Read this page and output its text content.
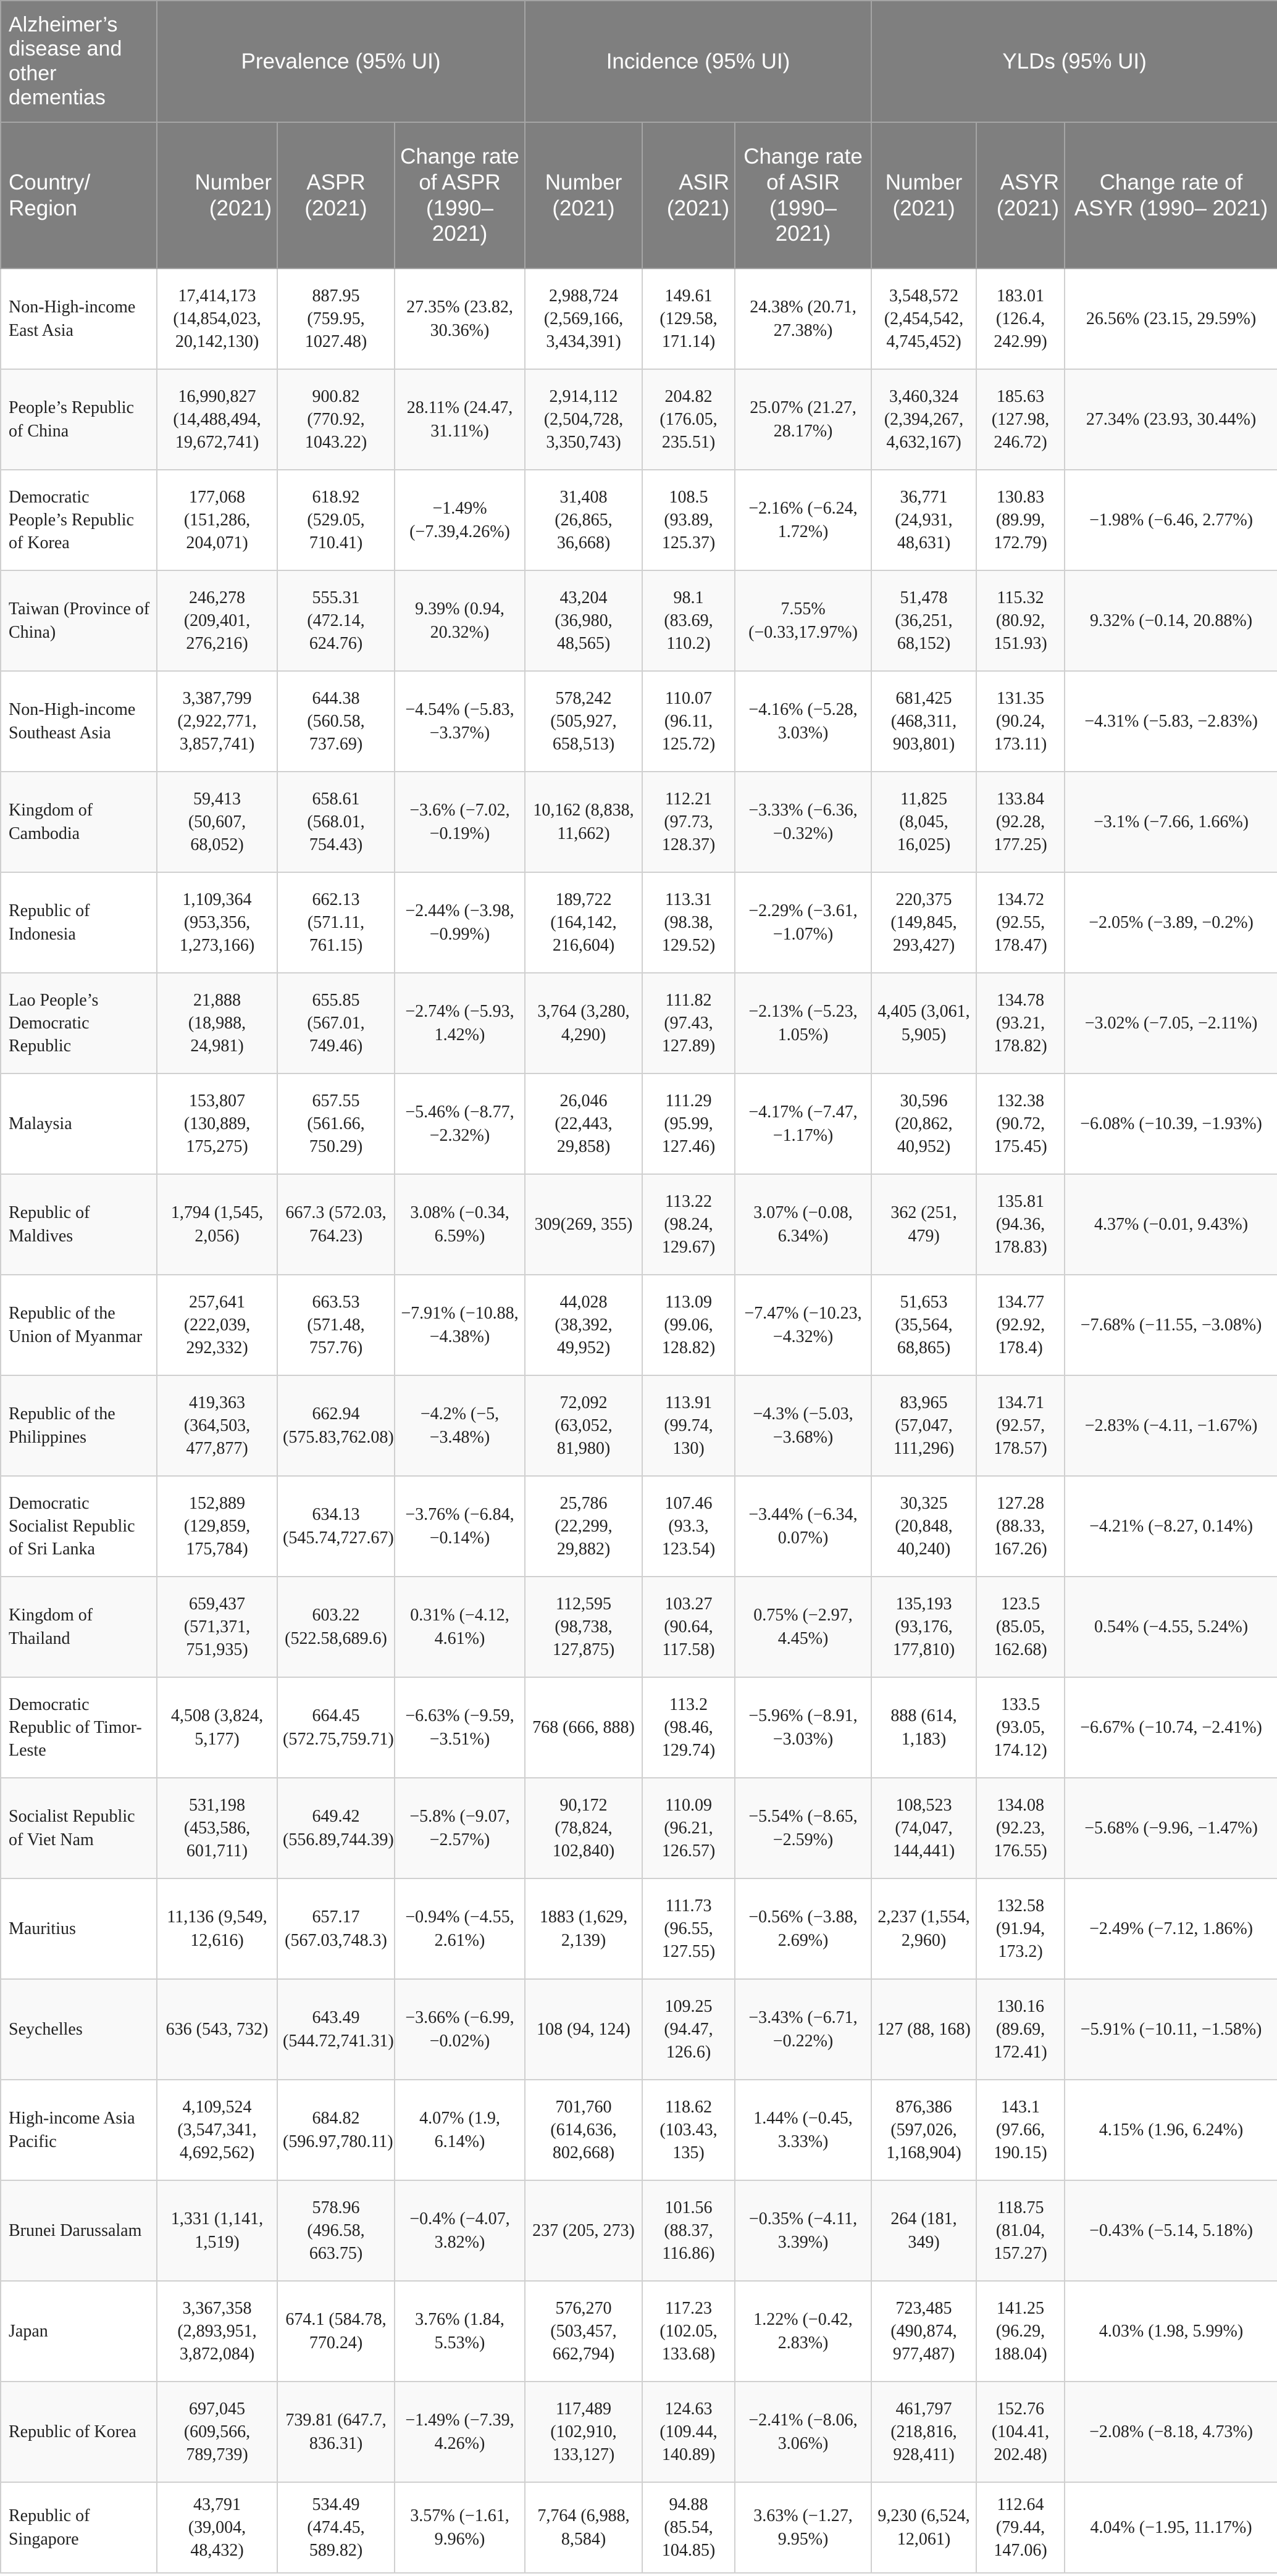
Alzheimer’s disease and other dementias	Prevalence (95% UI)			Incidence (95% UI)			YLDs (95% UI)		
Country/ Region	Number (2021)	ASPR (2021)	Change rate of ASPR (1990– 2021)	Number (2021)	ASIR (2021)	Change rate of ASIR (1990– 2021)	Number (2021)	ASYR (2021)	Change rate of ASYR (1990– 2021)
Non-High-income East Asia	17,414,173 (14,854,023, 20,142,130)	887.95 (759.95, 1027.48)	27.35% (23.82, 30.36%)	2,988,724 (2,569,166, 3,434,391)	149.61 (129.58, 171.14)	24.38% (20.71, 27.38%)	3,548,572 (2,454,542, 4,745,452)	183.01 (126.4, 242.99)	26.56% (23.15, 29.59%)
People’s Republic of China	16,990,827 (14,488,494, 19,672,741)	900.82 (770.92, 1043.22)	28.11% (24.47, 31.11%)	2,914,112 (2,504,728, 3,350,743)	204.82 (176.05, 235.51)	25.07% (21.27, 28.17%)	3,460,324 (2,394,267, 4,632,167)	185.63 (127.98, 246.72)	27.34% (23.93, 30.44%)
Democratic People’s Republic of Korea	177,068 (151,286, 204,071)	618.92 (529.05, 710.41)	−1.49% (−7.39,4.26%)	31,408 (26,865, 36,668)	108.5 (93.89, 125.37)	−2.16% (−6.24, 1.72%)	36,771 (24,931, 48,631)	130.83 (89.99, 172.79)	−1.98% (−6.46, 2.77%)
Taiwan (Province of China)	246,278 (209,401, 276,216)	555.31 (472.14, 624.76)	9.39% (0.94, 20.32%)	43,204 (36,980, 48,565)	98.1 (83.69, 110.2)	7.55% (−0.33,17.97%)	51,478 (36,251, 68,152)	115.32 (80.92, 151.93)	9.32% (−0.14, 20.88%)
Non-High-income Southeast Asia	3,387,799 (2,922,771, 3,857,741)	644.38 (560.58, 737.69)	−4.54% (−5.83, −3.37%)	578,242 (505,927, 658,513)	110.07 (96.11, 125.72)	−4.16% (−5.28, 3.03%)	681,425 (468,311, 903,801)	131.35 (90.24, 173.11)	−4.31% (−5.83, −2.83%)
Kingdom of Cambodia	59,413 (50,607, 68,052)	658.61 (568.01, 754.43)	−3.6% (−7.02, −0.19%)	10,162 (8,838, 11,662)	112.21 (97.73, 128.37)	−3.33% (−6.36, −0.32%)	11,825 (8,045, 16,025)	133.84 (92.28, 177.25)	−3.1% (−7.66, 1.66%)
Republic of Indonesia	1,109,364 (953,356, 1,273,166)	662.13 (571.11, 761.15)	−2.44% (−3.98, −0.99%)	189,722 (164,142, 216,604)	113.31 (98.38, 129.52)	−2.29% (−3.61, −1.07%)	220,375 (149,845, 293,427)	134.72 (92.55, 178.47)	−2.05% (−3.89, −0.2%)
Lao People’s Democratic Republic	21,888 (18,988, 24,981)	655.85 (567.01, 749.46)	−2.74% (−5.93, 1.42%)	3,764 (3,280, 4,290)	111.82 (97.43, 127.89)	−2.13% (−5.23, 1.05%)	4,405 (3,061, 5,905)	134.78 (93.21, 178.82)	−3.02% (−7.05, −2.11%)
Malaysia	153,807 (130,889, 175,275)	657.55 (561.66, 750.29)	−5.46% (−8.77, −2.32%)	26,046 (22,443, 29,858)	111.29 (95.99, 127.46)	−4.17% (−7.47, −1.17%)	30,596 (20,862, 40,952)	132.38 (90.72, 175.45)	−6.08% (−10.39, −1.93%)
Republic of Maldives	1,794 (1,545, 2,056)	667.3 (572.03, 764.23)	3.08% (−0.34, 6.59%)	309(269, 355)	113.22 (98.24, 129.67)	3.07% (−0.08, 6.34%)	362 (251, 479)	135.81 (94.36, 178.83)	4.37% (−0.01, 9.43%)
Republic of the Union of Myanmar	257,641 (222,039, 292,332)	663.53 (571.48, 757.76)	−7.91% (−10.88, −4.38%)	44,028 (38,392, 49,952)	113.09 (99.06, 128.82)	−7.47% (−10.23, −4.32%)	51,653 (35,564, 68,865)	134.77 (92.92, 178.4)	−7.68% (−11.55, −3.08%)
Republic of the Philippines	419,363 (364,503, 477,877)	662.94 (575.83,762.08)	−4.2% (−5, −3.48%)	72,092 (63,052, 81,980)	113.91 (99.74, 130)	−4.3% (−5.03, −3.68%)	83,965 (57,047, 111,296)	134.71 (92.57, 178.57)	−2.83% (−4.11, −1.67%)
Democratic Socialist Republic of Sri Lanka	152,889 (129,859, 175,784)	634.13 (545.74,727.67)	−3.76% (−6.84, −0.14%)	25,786 (22,299, 29,882)	107.46 (93.3, 123.54)	−3.44% (−6.34, 0.07%)	30,325 (20,848, 40,240)	127.28 (88.33, 167.26)	−4.21% (−8.27, 0.14%)
Kingdom of Thailand	659,437 (571,371, 751,935)	603.22 (522.58,689.6)	0.31% (−4.12, 4.61%)	112,595 (98,738, 127,875)	103.27 (90.64, 117.58)	0.75% (−2.97, 4.45%)	135,193 (93,176, 177,810)	123.5 (85.05, 162.68)	0.54% (−4.55, 5.24%)
Democratic Republic of Timor-Leste	4,508 (3,824, 5,177)	664.45 (572.75,759.71)	−6.63% (−9.59, −3.51%)	768 (666, 888)	113.2 (98.46, 129.74)	−5.96% (−8.91, −3.03%)	888 (614, 1,183)	133.5 (93.05, 174.12)	−6.67% (−10.74, −2.41%)
Socialist Republic of Viet Nam	531,198 (453,586, 601,711)	649.42 (556.89,744.39)	−5.8% (−9.07, −2.57%)	90,172 (78,824, 102,840)	110.09 (96.21, 126.57)	−5.54% (−8.65, −2.59%)	108,523 (74,047, 144,441)	134.08 (92.23, 176.55)	−5.68% (−9.96, −1.47%)
Mauritius	11,136 (9,549, 12,616)	657.17 (567.03,748.3)	−0.94% (−4.55, 2.61%)	1883 (1,629, 2,139)	111.73 (96.55, 127.55)	−0.56% (−3.88, 2.69%)	2,237 (1,554, 2,960)	132.58 (91.94, 173.2)	−2.49% (−7.12, 1.86%)
Seychelles	636 (543, 732)	643.49 (544.72,741.31)	−3.66% (−6.99, −0.02%)	108 (94, 124)	109.25 (94.47, 126.6)	−3.43% (−6.71, −0.22%)	127 (88, 168)	130.16 (89.69, 172.41)	−5.91% (−10.11, −1.58%)
High-income Asia Pacific	4,109,524 (3,547,341, 4,692,562)	684.82 (596.97,780.11)	4.07% (1.9, 6.14%)	701,760 (614,636, 802,668)	118.62 (103.43, 135)	1.44% (−0.45, 3.33%)	876,386 (597,026, 1,168,904)	143.1 (97.66, 190.15)	4.15% (1.96, 6.24%)
Brunei Darussalam	1,331 (1,141, 1,519)	578.96 (496.58, 663.75)	−0.4% (−4.07, 3.82%)	237 (205, 273)	101.56 (88.37, 116.86)	−0.35% (−4.11, 3.39%)	264 (181, 349)	118.75 (81.04, 157.27)	−0.43% (−5.14, 5.18%)
Japan	3,367,358 (2,893,951, 3,872,084)	674.1 (584.78, 770.24)	3.76% (1.84, 5.53%)	576,270 (503,457, 662,794)	117.23 (102.05, 133.68)	1.22% (−0.42, 2.83%)	723,485 (490,874, 977,487)	141.25 (96.29, 188.04)	4.03% (1.98, 5.99%)
Republic of Korea	697,045 (609,566, 789,739)	739.81 (647.7, 836.31)	−1.49% (−7.39, 4.26%)	117,489 (102,910, 133,127)	124.63 (109.44, 140.89)	−2.41% (−8.06, 3.06%)	461,797 (218,816, 928,411)	152.76 (104.41, 202.48)	−2.08% (−8.18, 4.73%)
Republic of Singapore	43,791 (39,004, 48,432)	534.49 (474.45, 589.82)	3.57% (−1.61, 9.96%)	7,764 (6,988, 8,584)	94.88 (85.54, 104.85)	3.63% (−1.27, 9.95%)	9,230 (6,524, 12,061)	112.64 (79.44, 147.06)	4.04% (−1.95, 11.17%)
